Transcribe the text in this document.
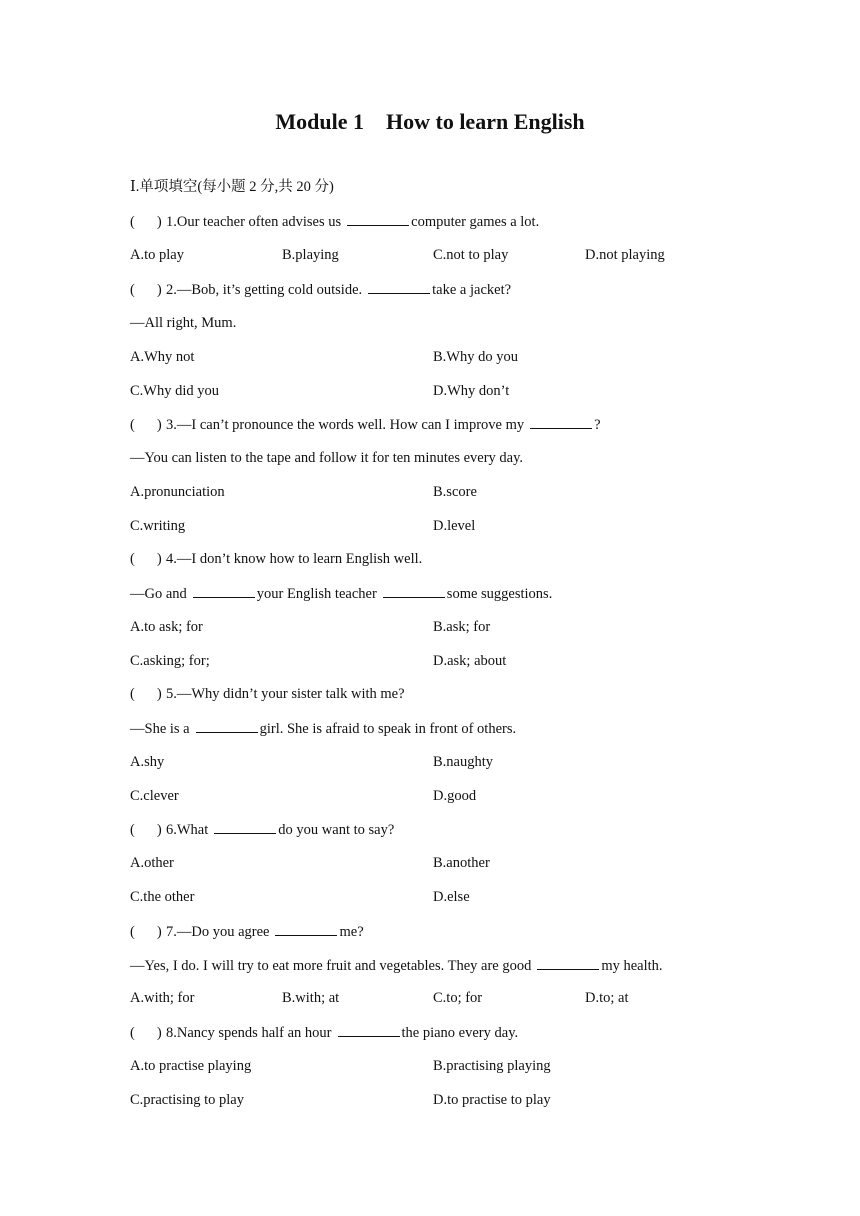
Module 1    How to learn English
Ⅰ.单项填空(每小题 2 分,共 20 分)
( ) 1.Our teacher often advises us	computer games a lot.
A.to play	B.playing	C.not to play	D.not playing
( ) 2.—Bob, it’s getting cold outside.	take a jacket?
—All right, Mum.
A.Why not	B.Why do you
C.Why did you	D.Why don’t
( ) 3.—I can’t pronounce the words well. How can I improve my	?
—You can listen to the tape and follow it for ten minutes every day.
A.pronunciation	B.score
C.writing	D.level
( ) 4.—I don’t know how to learn English well.
—Go and	your English teacher	some suggestions.
A.to ask; for	B.ask; for
C.asking; for;	D.ask; about
( ) 5.—Why didn’t your sister talk with me?
—She is a	girl. She is afraid to speak in front of others.
A.shy	B.naughty
C.clever	D.good
( ) 6.What	do you want to say?
A.other	B.another
C.the other	D.else
( ) 7.—Do you agree	me?
—Yes, I do. I will try to eat more fruit and vegetables. They are good	my health.
A.with; for	B.with; at	C.to; for	D.to; at
( ) 8.Nancy spends half an hour	the piano every day.
A.to practise playing	B.practising playing
C.practising to play	D.to practise to play
